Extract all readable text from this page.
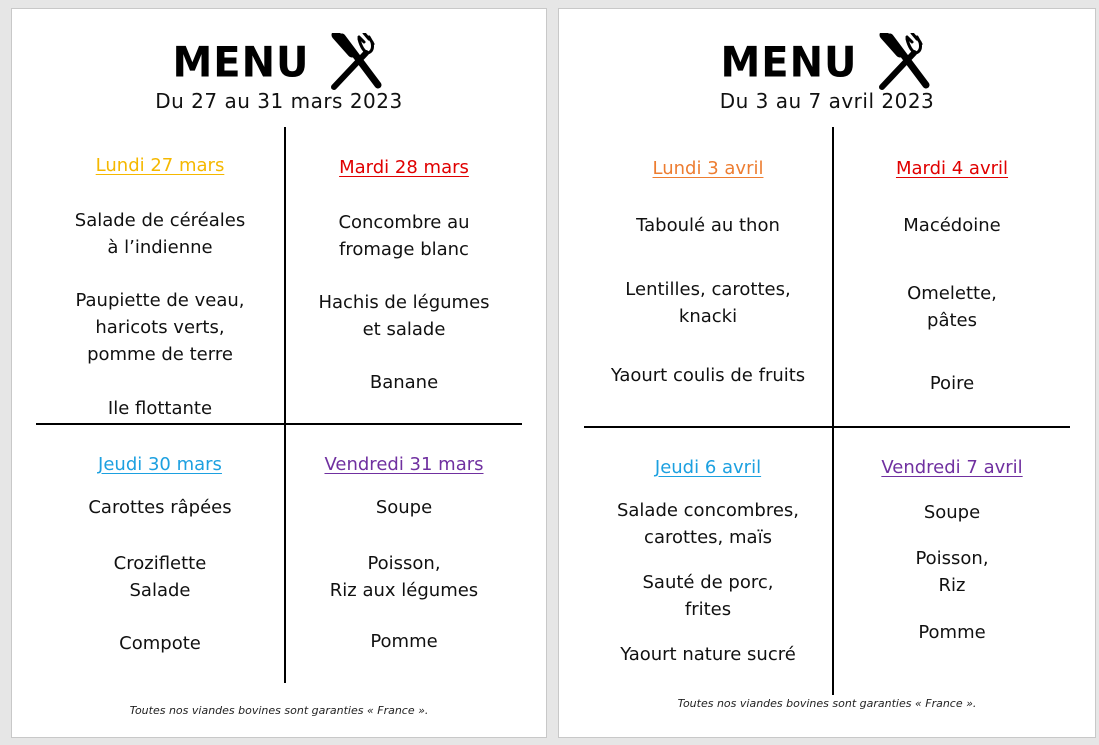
MENU
Du 27 au 31 mars 2023
Lundi 27 mars
Salade de céréales
à l’indienne
Paupiette de veau,
haricots verts,
pomme de terre
Ile flottante
Mardi 28 mars
Concombre au
fromage blanc
Hachis de légumes
et salade
Banane
Jeudi 30 mars
Carottes râpées
Croziflette
Salade
Compote
Vendredi 31 mars
Soupe
Poisson,
Riz aux légumes
Pomme
Toutes nos viandes bovines sont garanties « France ».
MENU
Du 3 au 7 avril 2023
Lundi 3 avril
Taboulé au thon
Lentilles, carottes,
knacki
Yaourt coulis de fruits
Mardi 4 avril
Macédoine
Omelette,
pâtes
Poire
Jeudi 6 avril
Salade concombres,
carottes, maïs
Sauté de porc,
frites
Yaourt nature sucré
Vendredi 7 avril
Soupe
Poisson,
Riz
Pomme
Toutes nos viandes bovines sont garanties « France ».
